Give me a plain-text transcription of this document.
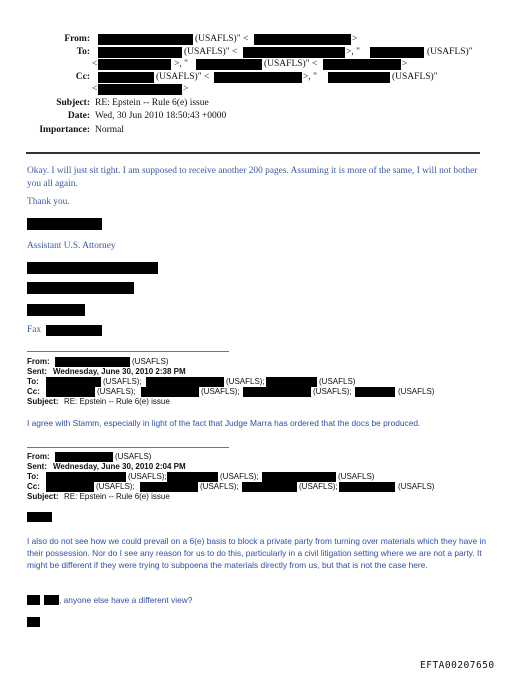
From:	(USAFLS)" <	>
To:	(USAFLS)" <	>, "	(USAFLS)"
<	>, "	(USAFLS)" <	>
Cc:	(USAFLS)" <	>, "	(USAFLS)"
<	>
Subject: RE: Epstein -- Rule 6(e) issue
Date: Wed, 30 Jun 2010 18:50:43 +0000
Importance: Normal
Okay. I will just sit tight. I am supposed to receive another 200 pages. Assuming it is more of the same, I will not bother you all again.
Thank you.
Assistant U.S. Attorney
Fax
From:	(USAFLS)
Sent: Wednesday, June 30, 2010 2:38 PM
To:	(USAFLS);	(USAFLS);	(USAFLS)
Cc:	(USAFLS);	(USAFLS);	(USAFLS);	(USAFLS)
Subject: RE: Epstein -- Rule 6(e) issue
I agree with Stamm, especially in light of the fact that Judge Marra has ordered that the docs be produced.
From:	(USAFLS)
Sent: Wednesday, June 30, 2010 2:04 PM
To:	(USAFLS);	(USAFLS);	(USAFLS)
Cc:	(USAFLS);	(USAFLS);	(USAFLS);	(USAFLS)
Subject: RE: Epstein -- Rule 6(e) issue
I also do not see how we could prevail on a 6(e) basis to block a private party from turning over materials which they have in their possession. Nor do I see any reason for us to do this, particularly in a civil litigation setting where we are not a party. It might be different if they were trying to subpoena the materials directly from us, but that is not the case here.
, anyone else have a different view?
EFTA00207650
